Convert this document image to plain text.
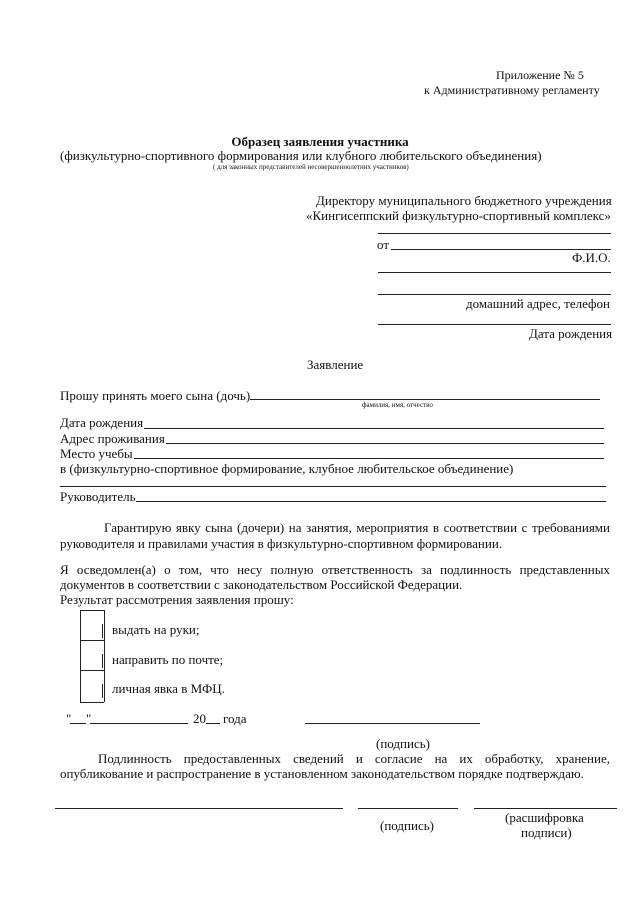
Приложение № 5
к Административному регламенту
Образец заявления участника
(физкультурно-спортивного формирования или клубного любительского объединения)
( для законных представителей несовершеннолетних участников)
Директору муниципального бюджетного учреждения
«Кингисеппский физкультурно-спортивный комплекс»
от
Ф.И.О.
домашний адрес, телефон
Дата рождения
Заявление
Прошу принять моего сына (дочь)
фамилия, имя, отчество
Дата рождения
Адрес проживания
Место учебы
в (физкультурно-спортивное формирование, клубное любительское объединение)
Руководитель
Гарантирую явку сына (дочери) на занятия, мероприятия в соответствии с требованиями
руководителя и правилами участия в физкультурно-спортивном формировании.
Я осведомлен(а) о том, что несу полную ответственность за подлинность представленных
документов в соответствии с законодательством Российской Федерации.
Результат рассмотрения заявления прошу:
выдать на руки;
направить по почте;
личная явка в МФЦ.
" "	20 года
(подпись)
Подлинность предоставленных сведений и согласие на их обработку, хранение,
опубликование и распространение в установленном законодательством порядке подтверждаю.
(подпись)
(расшифровка
подписи)
